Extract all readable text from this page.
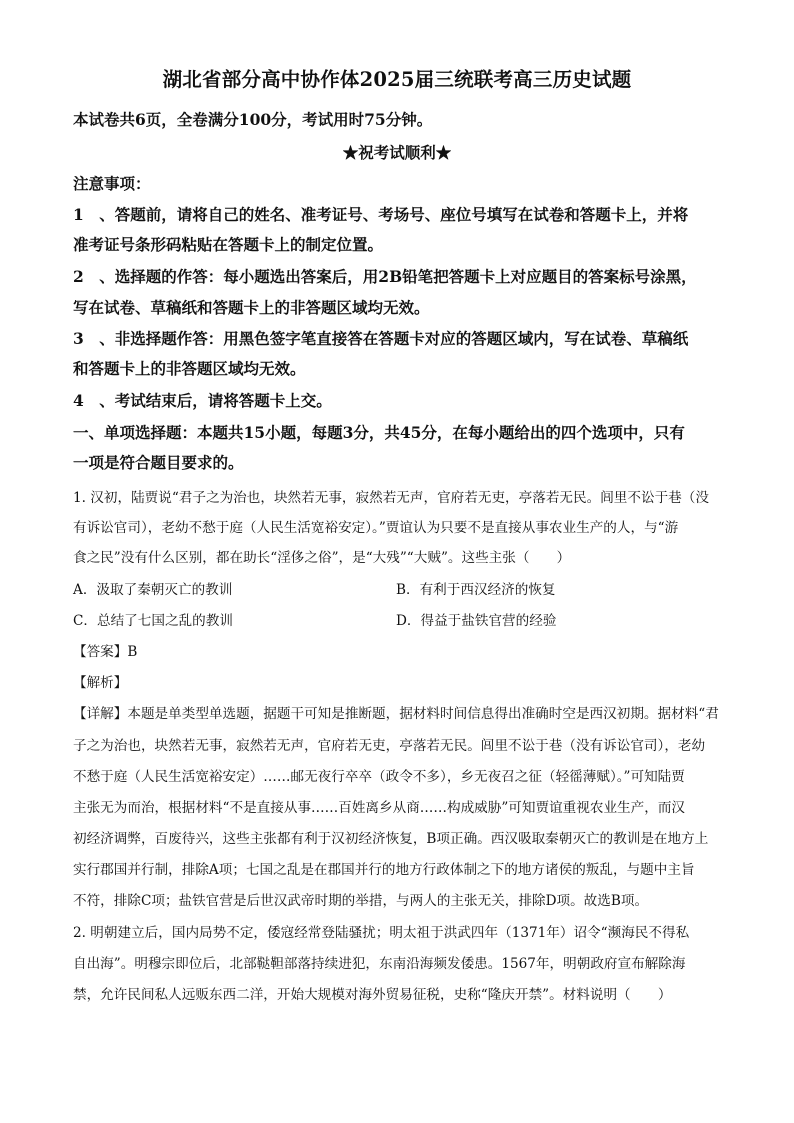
湖北省部分高中协作体2025届三统联考高三历史试题
本试卷共6页，全卷满分100分，考试用时75分钟。
★祝考试顺利★
注意事项：
1　、答题前，请将自己的姓名、准考证号、考场号、座位号填写在试卷和答题卡上，并将
准考证号条形码粘贴在答题卡上的制定位置。
2　、选择题的作答：每小题选出答案后，用2B铅笔把答题卡上对应题目的答案标号涂黑，
写在试卷、草稿纸和答题卡上的非答题区域均无效。
3　、非选择题作答：用黑色签字笔直接答在答题卡对应的答题区域内，写在试卷、草稿纸
和答题卡上的非答题区域均无效。
4　、考试结束后，请将答题卡上交。
一、单项选择题：本题共15小题，每题3分，共45分，在每小题给出的四个选项中，只有
一项是符合题目要求的。
1. 汉初，陆贾说“君子之为治也，块然若无事，寂然若无声，官府若无吏，亭落若无民。闾里不讼于巷（没
有诉讼官司），老幼不愁于庭（人民生活宽裕安定）。”贾谊认为只要不是直接从事农业生产的人，与“游
食之民”没有什么区别，都在助长“淫侈之俗”，是“大残”“大贼”。这些主张（　　）
A．汲取了秦朝灭亡的教训	B．有利于西汉经济的恢复
C．总结了七国之乱的教训	D．得益于盐铁官营的经验
【答案】B
【解析】
【详解】本题是单类型单选题，据题干可知是推断题，据材料时间信息得出准确时空是西汉初期。据材料“君
子之为治也，块然若无事，寂然若无声，官府若无吏，亭落若无民。闾里不讼于巷（没有诉讼官司），老幼
不愁于庭（人民生活宽裕安定）……邮无夜行卒卒（政令不多），乡无夜召之征（轻徭薄赋）。”可知陆贾
主张无为而治，根据材料“不是直接从事……百姓离乡从商……构成威胁”可知贾谊重视农业生产，而汉
初经济调弊，百废待兴，这些主张都有利于汉初经济恢复，B项正确。西汉吸取秦朝灭亡的教训是在地方上
实行郡国并行制，排除A项；七国之乱是在郡国并行的地方行政体制之下的地方诸侯的叛乱，与题中主旨
不符，排除C项；盐铁官营是后世汉武帝时期的举措，与两人的主张无关，排除D项。故选B项。
2. 明朝建立后，国内局势不定，倭寇经常登陆骚扰；明太祖于洪武四年（1371年）诏令“濒海民不得私
自出海”。明穆宗即位后，北部鞑靼部落持续进犯，东南沿海频发倭患。1567年，明朝政府宣布解除海
禁，允许民间私人远贩东西二洋，开始大规模对海外贸易征税，史称“隆庆开禁”。材料说明（　　）
